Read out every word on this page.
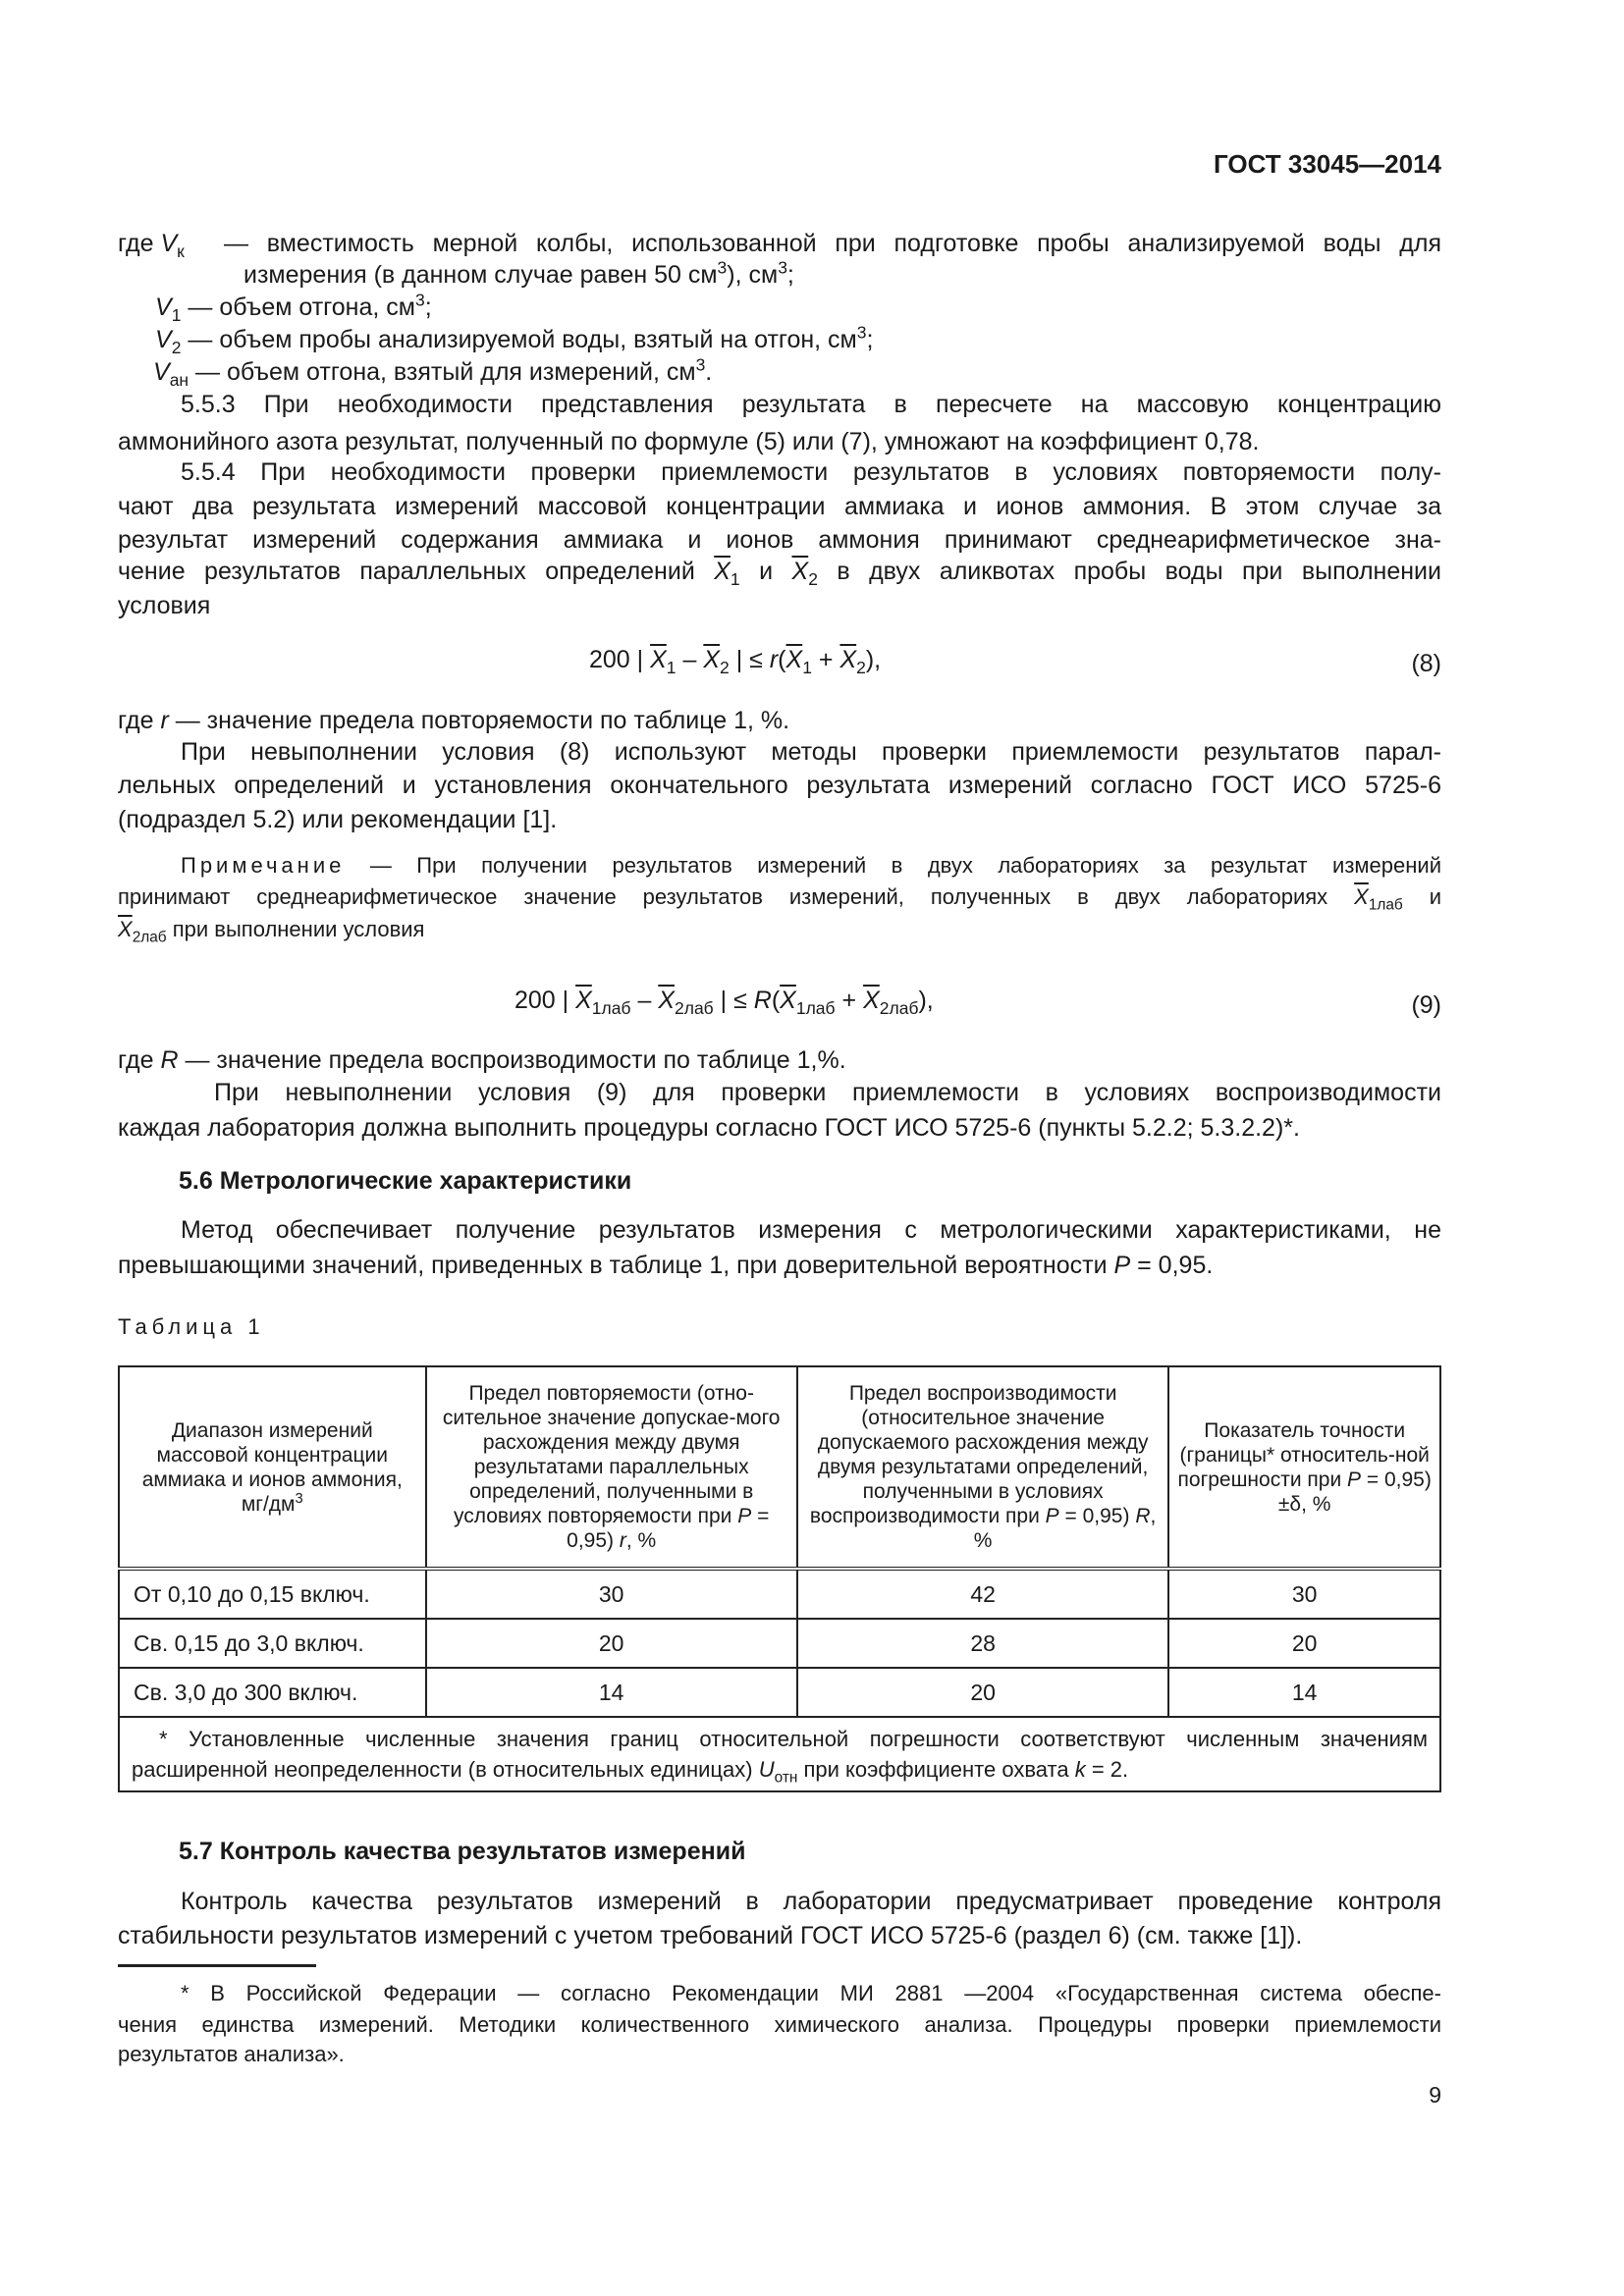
ГОСТ 33045—2014
где $V_к$ — вместимость мерной колбы, использованной при подготовке пробы анализируемой воды для
измерения (в данном случае равен 50 $см^3$), $см^3$;
$V_1$ — объем отгона, $см^3$;
$V_2$ — объем пробы анализируемой воды, взятый на отгон, $см^3$;
$V_{ан}$ — объем отгона, взятый для измерений, $см^3$.
5.5.3 При необходимости представления результата в пересчете на массовую концентрацию
аммонийного азота результат, полученный по формуле (5) или (7), умножают на коэффициент 0,78.
5.5.4 При необходимости проверки приемлемости результатов в условиях повторяемости полу-
чают два результата измерений массовой концентрации аммиака и ионов аммония. В этом случае за
результат измерений содержания аммиака и ионов аммония принимают среднеарифметическое зна-
чение результатов параллельных определений $\overline{X}_1$ и $\overline{X}_2$ в двух аликвотах пробы воды при выполнении
условия
200 | $\overline{X}_1 - \overline{X}_2$ | ≤ $r(\overline{X}_1 + \overline{X}_2)$,	(8)
где r — значение предела повторяемости по таблице 1, %.
При невыполнении условия (8) используют методы проверки приемлемости результатов парал-
лельных определений и установления окончательного результата измерений согласно ГОСТ ИСО 5725-6
(подраздел 5.2) или рекомендации [1].
Примечание — При получении результатов измерений в двух лабораториях за результат измерений
принимают среднеарифметическое значение результатов измерений, полученных в двух лабораториях $\overline{X}_{1лаб}$ и
$\overline{X}_{2лаб}$ при выполнении условия
200 | $\overline{X}_{1лаб} - \overline{X}_{2лаб}$ | ≤ $R(\overline{X}_{1лаб} + \overline{X}_{2лаб})$,	(9)
где R — значение предела воспроизводимости по таблице 1,%.
При невыполнении условия (9) для проверки приемлемости в условиях воспроизводимости
каждая лаборатория должна выполнить процедуры согласно ГОСТ ИСО 5725-6 (пункты 5.2.2; 5.3.2.2)*.
5.6 Метрологические характеристики
Метод обеспечивает получение результатов измерения с метрологическими характеристиками, не
превышающими значений, приведенных в таблице 1, при доверительной вероятности P = 0,95.
Таблица 1
Диапазон измерений массовой концентрации аммиака и ионов аммония, $мг/дм^3$	Предел повторяемости (отно-сительное значение допускае-мого расхождения между двумя результатами параллельных определений, полученными в условиях повторяемости при P = 0,95) r, %	Предел воспроизводимости (относительное значение допускаемого расхождения между двумя результатами определений, полученными в условиях воспроизводимости при P = 0,95) R, %	Показатель точности (границы* относитель-ной погрешности при P = 0,95)
±δ, %
От 0,10 до 0,15 включ.	30	42	30
Св. 0,15 до 3,0 включ.	20	28	20
Св. 3,0 до 300 включ.	14	20	14
* Установленные численные значения границ относительной погрешности соответствуют численным значениям расширенной неопределенности (в относительных единицах) $U_{отн}$ при коэффициенте охвата k = 2.			
5.7 Контроль качества результатов измерений
Контроль качества результатов измерений в лаборатории предусматривает проведение контроля
стабильности результатов измерений с учетом требований ГОСТ ИСО 5725-6 (раздел 6) (см. также [1]).
* В Российской Федерации — согласно Рекомендации МИ 2881 —2004 «Государственная система обеспе-
чения единства измерений. Методики количественного химического анализа. Процедуры проверки приемлемости
результатов анализа».
9
